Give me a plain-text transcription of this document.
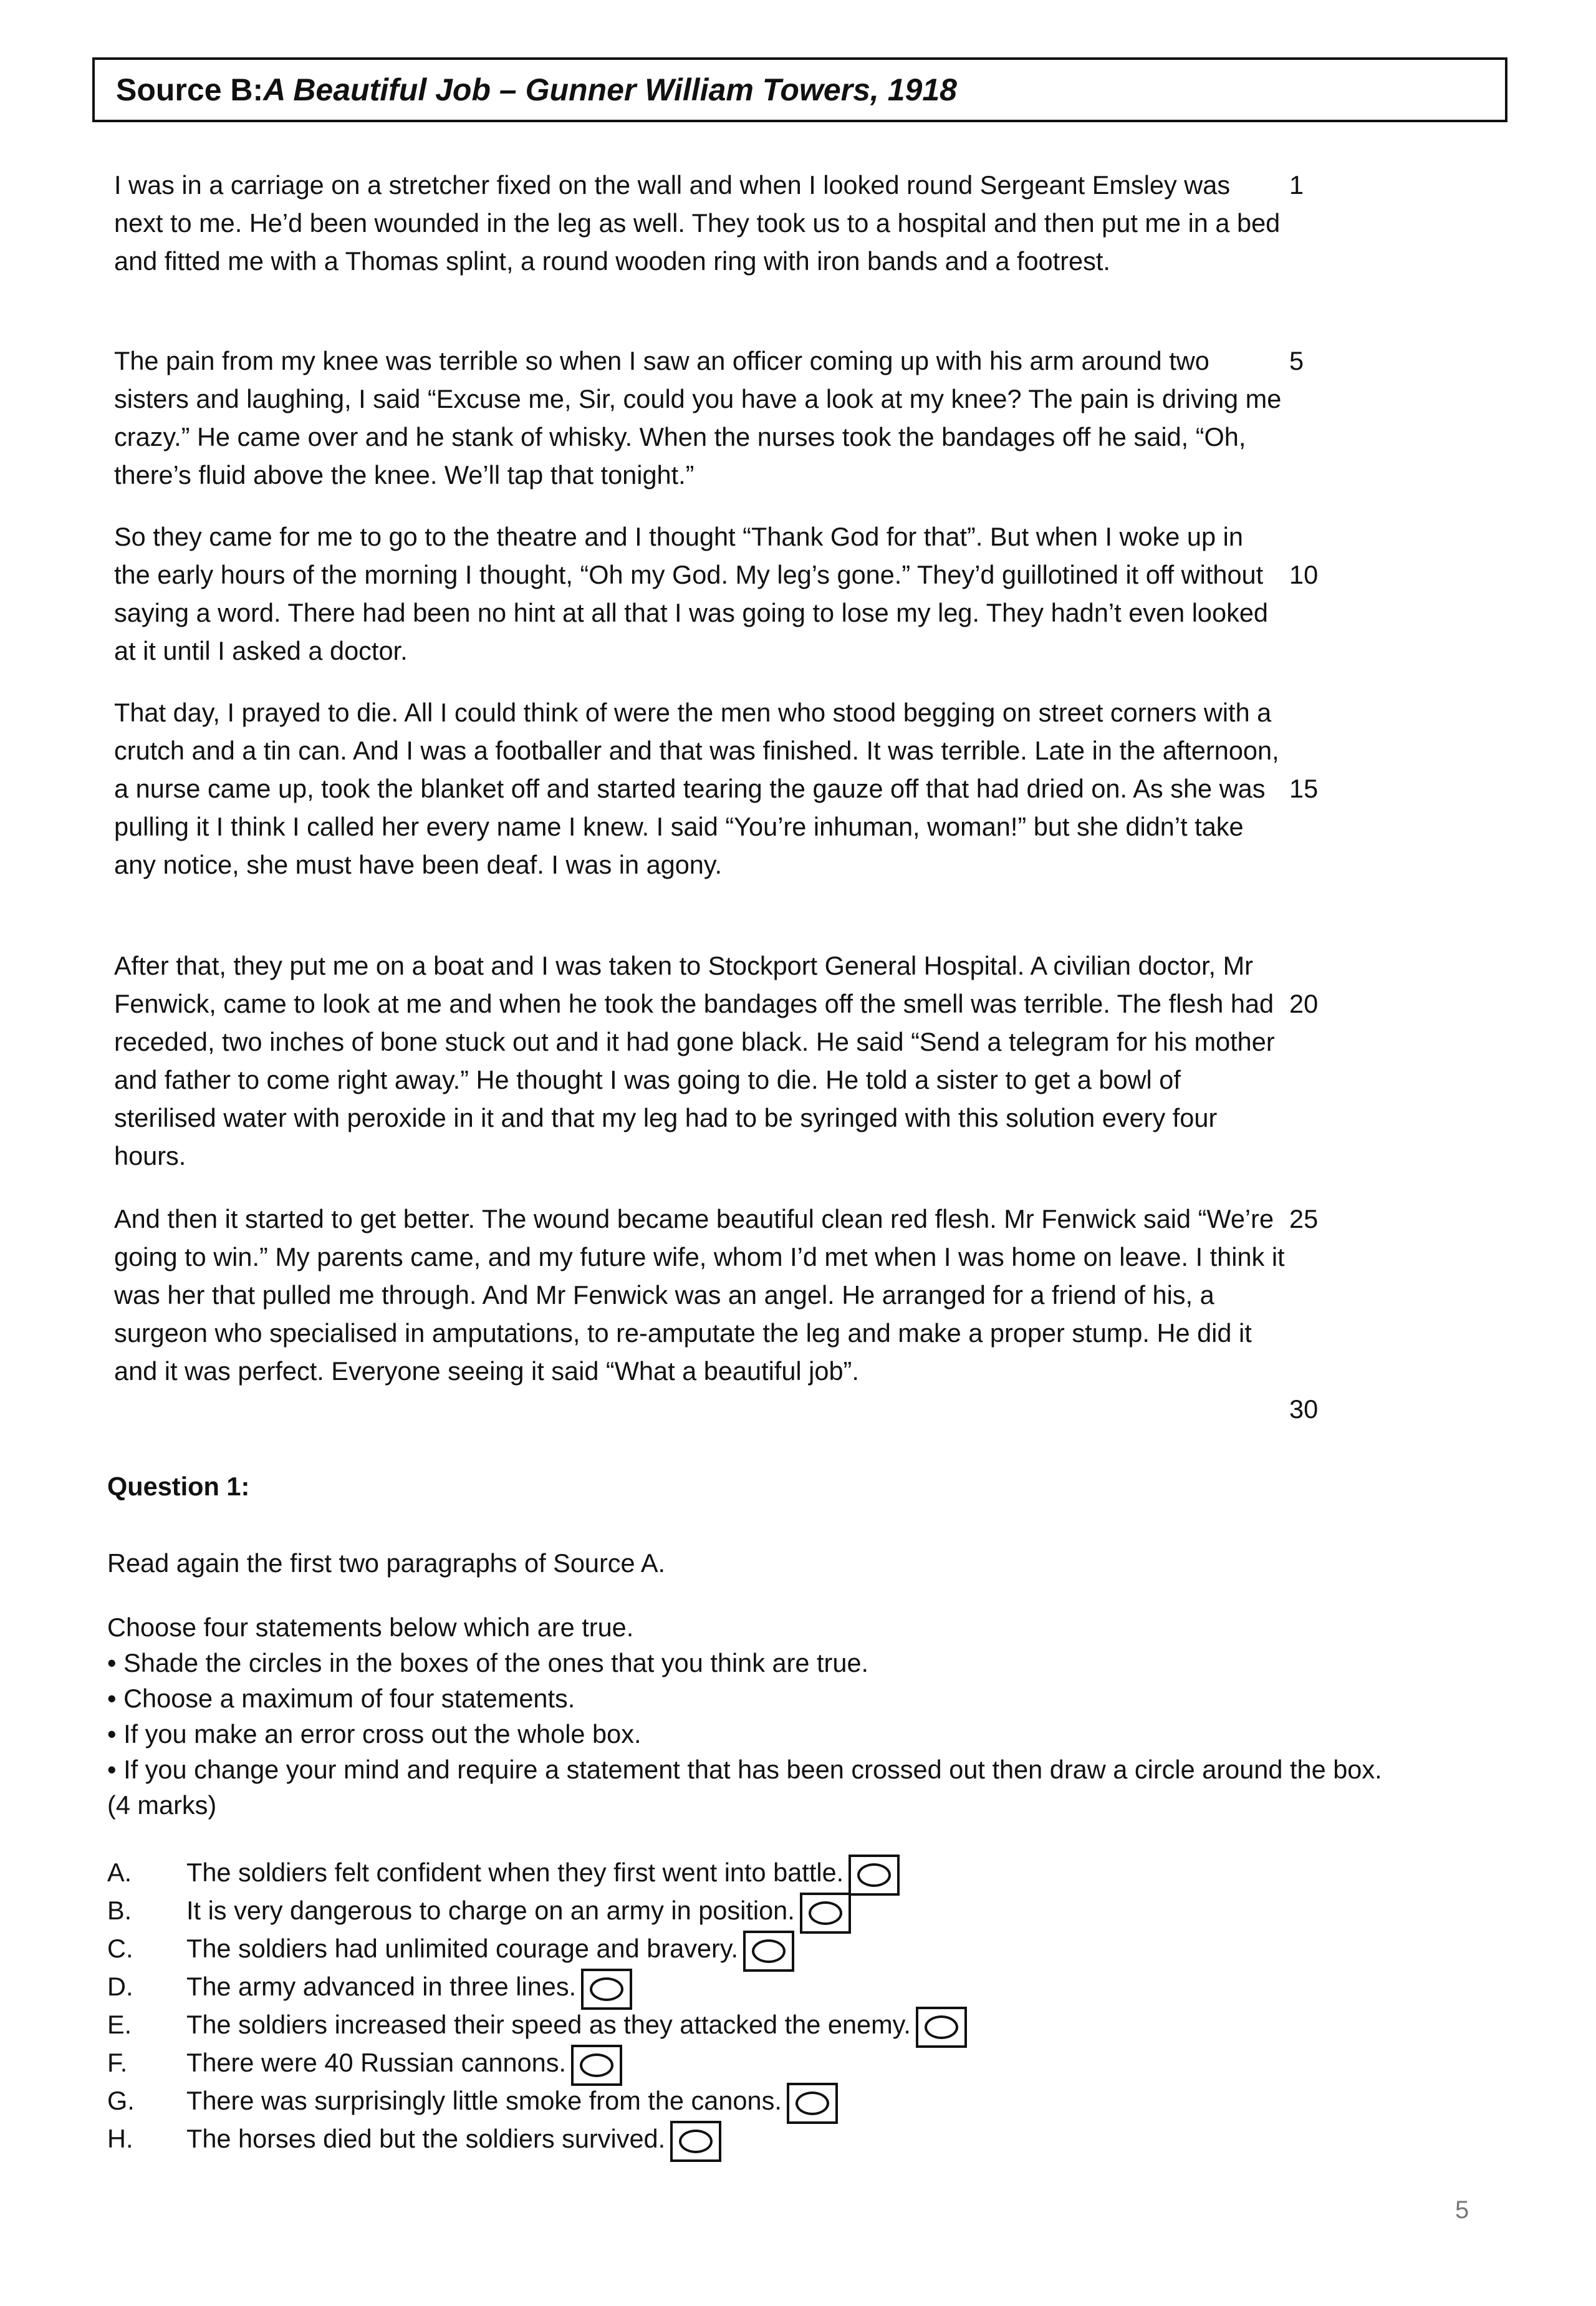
Source B: A Beautiful Job – Gunner William Towers, 1918

I was in a carriage on a stretcher fixed on the wall and when I looked round Sergeant Emsley was next to me. He’d been wounded in the leg as well. They took us to a hospital and then put me in a bed and fitted me with a Thomas splint, a round wooden ring with iron bands and a footrest.

The pain from my knee was terrible so when I saw an officer coming up with his arm around two sisters and laughing, I said “Excuse me, Sir, could you have a look at my knee? The pain is driving me crazy.” He came over and he stank of whisky. When the nurses took the bandages off he said, “Oh, there’s fluid above the knee. We’ll tap that tonight.”

So they came for me to go to the theatre and I thought “Thank God for that”. But when I woke up in the early hours of the morning I thought, “Oh my God. My leg’s gone.” They’d guillotined it off without saying a word. There had been no hint at all that I was going to lose my leg. They hadn’t even looked at it until I asked a doctor.

That day, I prayed to die. All I could think of were the men who stood begging on street corners with a crutch and a tin can. And I was a footballer and that was finished. It was terrible. Late in the afternoon, a nurse came up, took the blanket off and started tearing the gauze off that had dried on. As she was pulling it I think I called her every name I knew. I said “You’re inhuman, woman!” but she didn’t take any notice, she must have been deaf. I was in agony.

After that, they put me on a boat and I was taken to Stockport General Hospital. A civilian doctor, Mr Fenwick, came to look at me and when he took the bandages off the smell was terrible. The flesh had receded, two inches of bone stuck out and it had gone black. He said “Send a telegram for his mother and father to come right away.” He thought I was going to die. He told a sister to get a bowl of sterilised water with peroxide in it and that my leg had to be syringed with this solution every four hours.

And then it started to get better. The wound became beautiful clean red flesh. Mr Fenwick said “We’re going to win.” My parents came, and my future wife, whom I’d met when I was home on leave. I think it was her that pulled me through. And Mr Fenwick was an angel. He arranged for a friend of his, a surgeon who specialised in amputations, to re-amputate the leg and make a proper stump. He did it and it was perfect. Everyone seeing it said “What a beautiful job”.

1
5
10
15
20
25
30
Question 1:

Read again the first two paragraphs of Source A.

Choose four statements below which are true.

• Shade the circles in the boxes of the ones that you think are true.
• Choose a maximum of four statements.
• If you make an error cross out the whole box.
• If you change your mind and require a statement that has been crossed out then draw a circle around the box.

(4 marks)

A.	The soldiers felt confident when they first went into battle.
B.	It is very dangerous to charge on an army in position.
C.	The soldiers had unlimited courage and bravery.
D.	The army advanced in three lines.
E.	The soldiers increased their speed as they attacked the enemy.
F.	There were 40 Russian cannons.
G.	There was surprisingly little smoke from the canons.
H.	The horses died but the soldiers survived.
5
